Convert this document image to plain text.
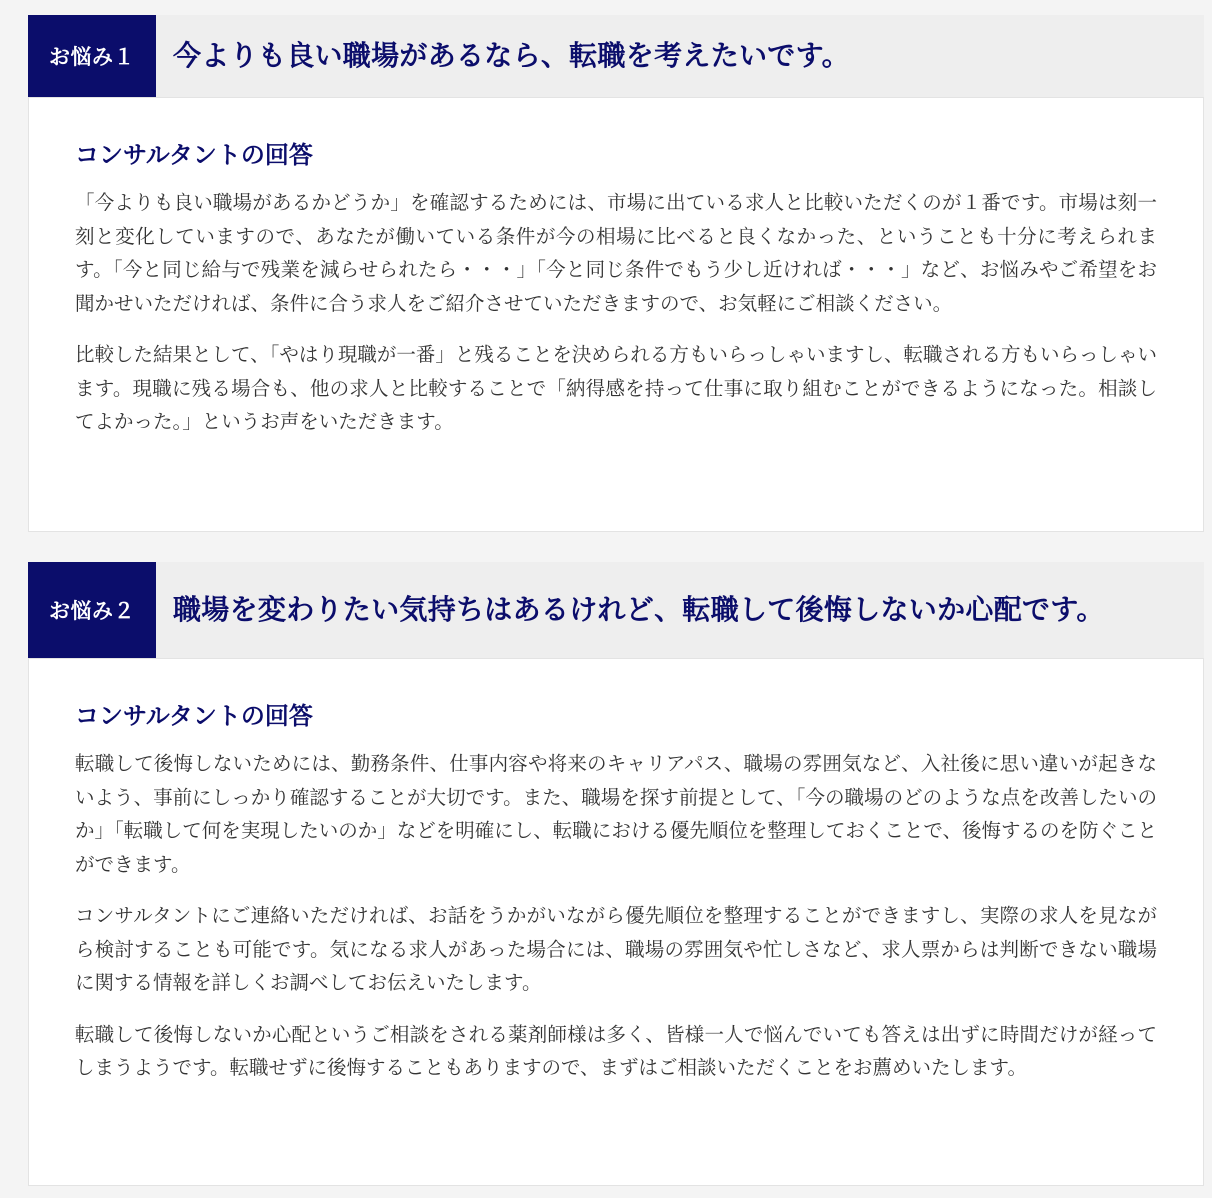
お悩み１	今よりも良い職場があるなら、転職を考えたいです。
コンサルタントの回答

「今よりも良い職場があるかどうか」を確認するためには、市場に出ている求人と比較いただくのが１番です。市場は刻一刻と変化していますので、あなたが働いている条件が今の相場に比べると良くなかった、ということも十分に考えられます。「今と同じ給与で残業を減らせられたら・・・」「今と同じ条件でもう少し近ければ・・・」など、お悩みやご希望をお聞かせいただければ、条件に合う求人をご紹介させていただきますので、お気軽にご相談ください。

比較した結果として、「やはり現職が一番」と残ることを決められる方もいらっしゃいますし、転職される方もいらっしゃいます。現職に残る場合も、他の求人と比較することで「納得感を持って仕事に取り組むことができるようになった。相談してよかった。」というお声をいただきます。

お悩み２	職場を変わりたい気持ちはあるけれど、転職して後悔しないか心配です。
コンサルタントの回答

転職して後悔しないためには、勤務条件、仕事内容や将来のキャリアパス、職場の雰囲気など、入社後に思い違いが起きないよう、事前にしっかり確認することが大切です。また、職場を探す前提として、「今の職場のどのような点を改善したいのか」「転職して何を実現したいのか」などを明確にし、転職における優先順位を整理しておくことで、後悔するのを防ぐことができます。

コンサルタントにご連絡いただければ、お話をうかがいながら優先順位を整理することができますし、実際の求人を見ながら検討することも可能です。気になる求人があった場合には、職場の雰囲気や忙しさなど、求人票からは判断できない職場に関する情報を詳しくお調べしてお伝えいたします。

転職して後悔しないか心配というご相談をされる薬剤師様は多く、皆様一人で悩んでいても答えは出ずに時間だけが経ってしまうようです。転職せずに後悔することもありますので、まずはご相談いただくことをお薦めいたします。
